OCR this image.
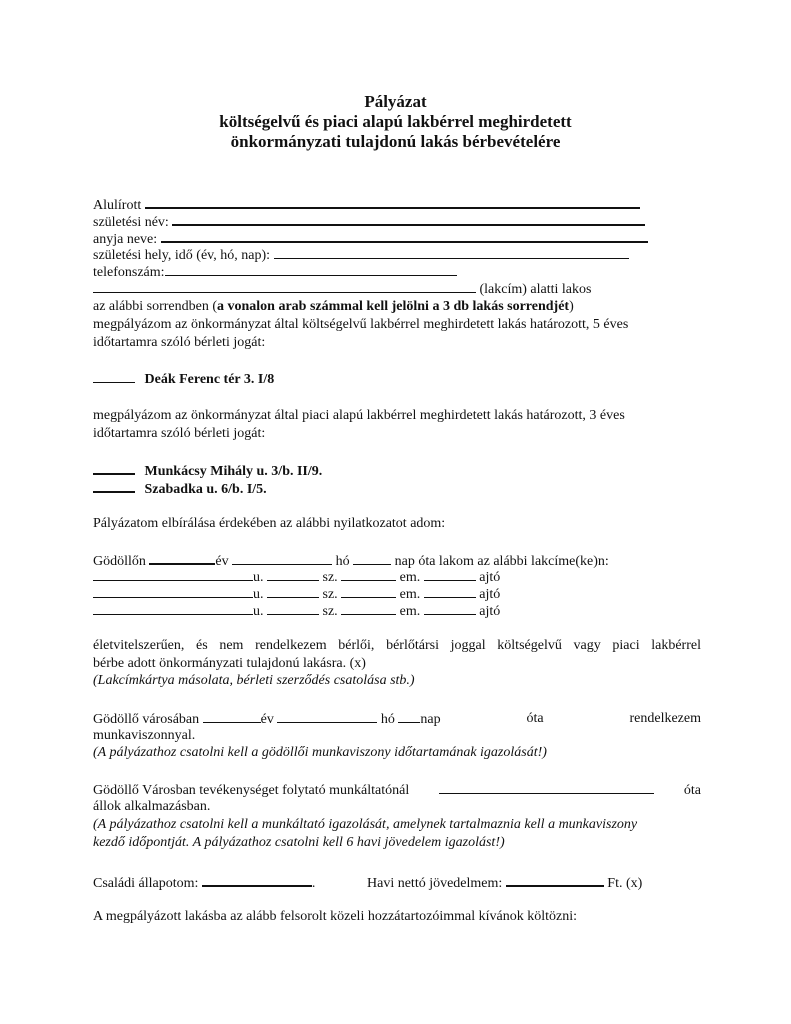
Pályázat
költségelvű és piaci alapú lakbérrel meghirdetett
önkormányzati tulajdonú lakás bérbevételére
Alulírott
születési név:
anyja neve:
születési hely, idő (év, hó, nap):
telefonszám:
(lakcím) alatti lakos
az alábbi sorrendben (a vonalon arab számmal kell jelölni a 3 db lakás sorrendjét)
megpályázom az önkormányzat által költségelvű lakbérrel meghirdetett lakás határozott, 5 éves
időtartamra szóló bérleti jogát:
Deák Ferenc tér 3. I/8
megpályázom az önkormányzat által piaci alapú lakbérrel meghirdetett lakás határozott, 3 éves
időtartamra szóló bérleti jogát:
Munkácsy Mihály u. 3/b. II/9.
Szabadka u. 6/b. I/5.
Pályázatom elbírálása érdekében az alábbi nyilatkozatot adom:
Gödöllőn	év	hó	nap óta lakom az alábbi lakcíme(ke)n:
u.	sz.	em.	ajtó
u.	sz.	em.	ajtó
u.	sz.	em.	ajtó
életvitelszerűen, és nem rendelkezem bérlői, bérlőtársi joggal költségelvű vagy piaci lakbérrel
bérbe adott önkormányzati tulajdonú lakásra. (x)
(Lakcímkártya másolata, bérleti szerződés csatolása stb.)
Gödöllő városában	év	hó nap	óta	rendelkezem
munkaviszonnyal.
(A pályázathoz csatolni kell a gödöllői munkaviszony időtartamának igazolását!)
Gödöllő Városban tevékenységet folytató munkáltatónál	óta
állok alkalmazásban.
(A pályázathoz csatolni kell a munkáltató igazolását, amelynek tartalmaznia kell a munkaviszony
kezdő időpontját. A pályázathoz csatolni kell 6 havi jövedelem igazolást!)
Családi állapotom:	.	Havi nettó jövedelmem:	Ft. (x)
A megpályázott lakásba az alább felsorolt közeli hozzátartozóimmal kívánok költözni:
